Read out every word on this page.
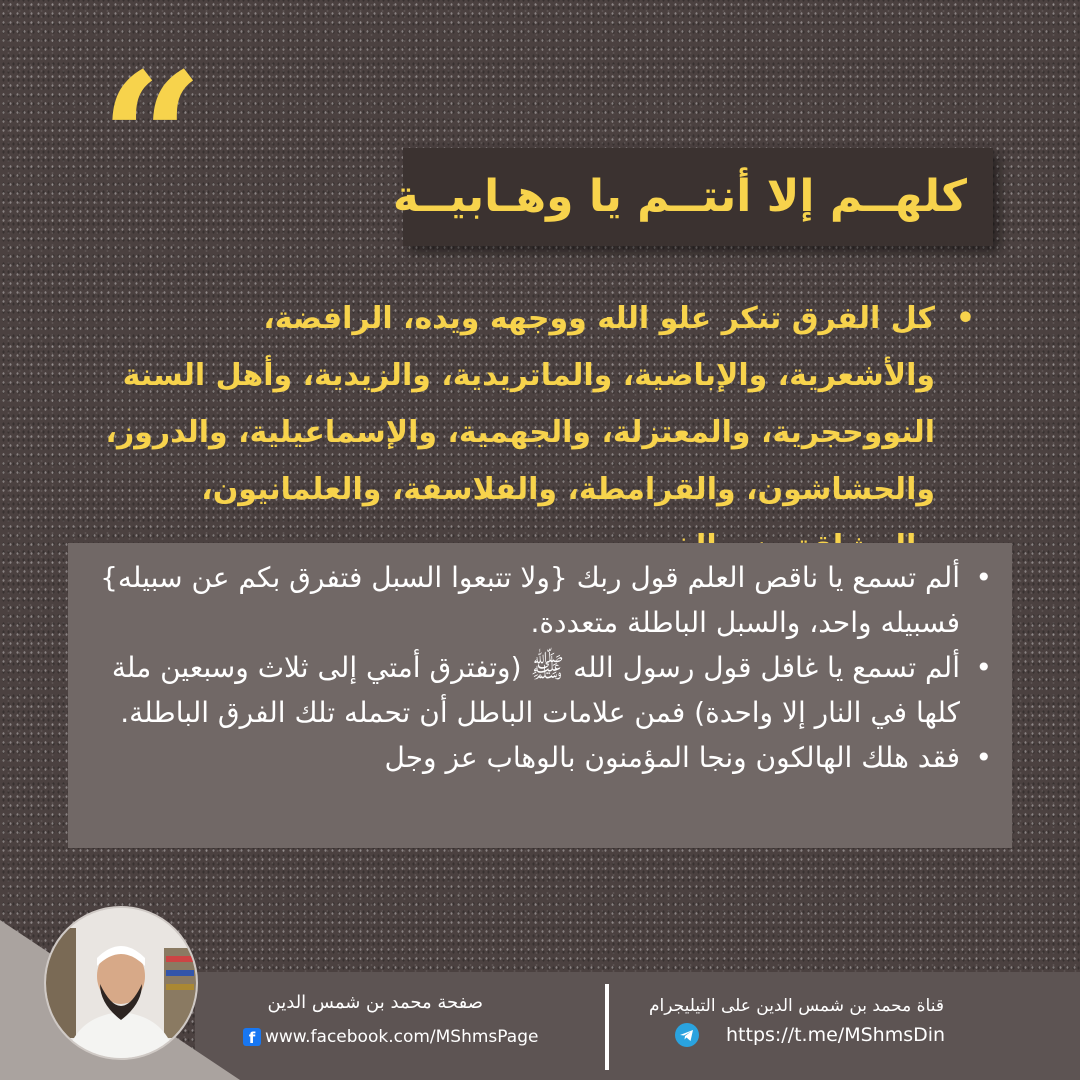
“	كلهــم إلا أنتــم يا وهـابيــة
•
كل الفرق تنكر علو الله ووجهه ويده، الرافضة، والأشعرية، والإباضية، والماتريدية، والزيدية، وأهل السنة النووحجرية، والمعتزلة، والجهمية، والإسماعيلية، والدروز، والحشاشون، والقرامطة، والفلاسفة، والعلمانيون،
•
ألم تسمع يا ناقص العلم قول ربك {ولا تتبعوا السبل فتفرق بكم عن سبيله} فسبيله واحد، والسبل الباطلة متعددة.
•
ألم تسمع يا غافل قول رسول الله ﷺ (وتفترق أمتي إلى ثلاث وسبعين ملة كلها في النار إلا واحدة) فمن علامات الباطل أن تحمله تلك الفرق الباطلة.
•
فقد هلك الهالكون ونجا المؤمنون بالوهاب عز وجل
صفحة محمد بن شمس الدين
f www.facebook.com/MShmsPage
قناة محمد بن شمس الدين على التيليجرام
https://t.me/MShmsDin
